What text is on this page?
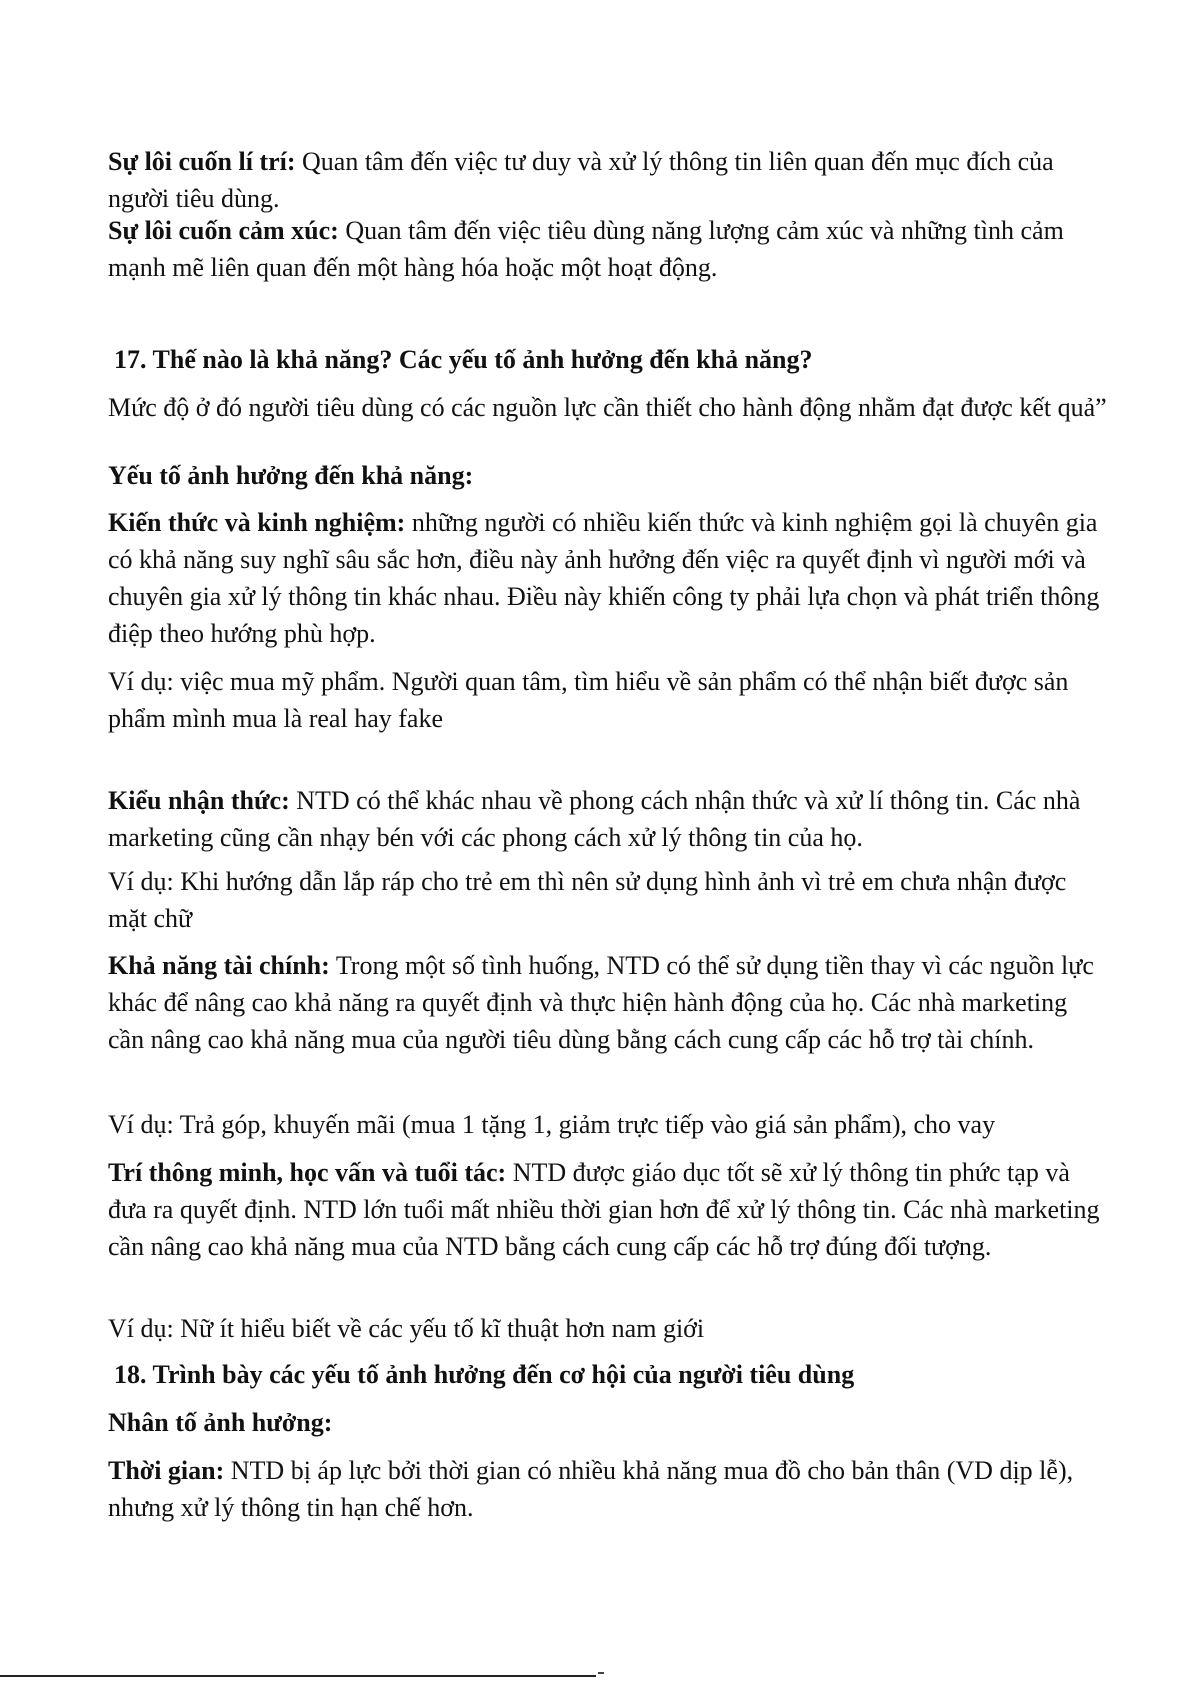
Sự lôi cuốn lí trí: Quan tâm đến việc tư duy và xử lý thông tin liên quan đến mục đích của người tiêu dùng.

Sự lôi cuốn cảm xúc: Quan tâm đến việc tiêu dùng năng lượng cảm xúc và những tình cảm mạnh mẽ liên quan đến một hàng hóa hoặc một hoạt động.

17. Thế nào là khả năng? Các yếu tố ảnh hưởng đến khả năng?

Mức độ ở đó người tiêu dùng có các nguồn lực cần thiết cho hành động nhằm đạt được kết quả”

Yếu tố ảnh hưởng đến khả năng:

Kiến thức và kinh nghiệm: những người có nhiều kiến thức và kinh nghiệm gọi là chuyên gia có khả năng suy nghĩ sâu sắc hơn, điều này ảnh hưởng đến việc ra quyết định vì người mới và chuyên gia xử lý thông tin khác nhau. Điều này khiến công ty phải lựa chọn và phát triển thông điệp theo hướng phù hợp.

Ví dụ: việc mua mỹ phẩm. Người quan tâm, tìm hiểu về sản phẩm có thể nhận biết được sản phẩm mình mua là real hay fake

Kiểu nhận thức: NTD có thể khác nhau về phong cách nhận thức và xử lí thông tin. Các nhà marketing cũng cần nhạy bén với các phong cách xử lý thông tin của họ.

Ví dụ: Khi hướng dẫn lắp ráp cho trẻ em thì nên sử dụng hình ảnh vì trẻ em chưa nhận được mặt chữ

Khả năng tài chính: Trong một số tình huống, NTD có thể sử dụng tiền thay vì các nguồn lực khác để nâng cao khả năng ra quyết định và thực hiện hành động của họ. Các nhà marketing cần nâng cao khả năng mua của người tiêu dùng bằng cách cung cấp các hỗ trợ tài chính.

Ví dụ: Trả góp, khuyến mãi (mua 1 tặng 1, giảm trực tiếp vào giá sản phẩm), cho vay

Trí thông minh, học vấn và tuổi tác: NTD được giáo dục tốt sẽ xử lý thông tin phức tạp và đưa ra quyết định. NTD lớn tuổi mất nhiều thời gian hơn để xử lý thông tin. Các nhà marketing cần nâng cao khả năng mua của NTD bằng cách cung cấp các hỗ trợ đúng đối tượng.

Ví dụ: Nữ ít hiểu biết về các yếu tố kĩ thuật hơn nam giới

18. Trình bày các yếu tố ảnh hưởng đến cơ hội của người tiêu dùng

Nhân tố ảnh hưởng:

Thời gian: NTD bị áp lực bởi thời gian có nhiều khả năng mua đồ cho bản thân (VD dịp lễ), nhưng xử lý thông tin hạn chế hơn.
